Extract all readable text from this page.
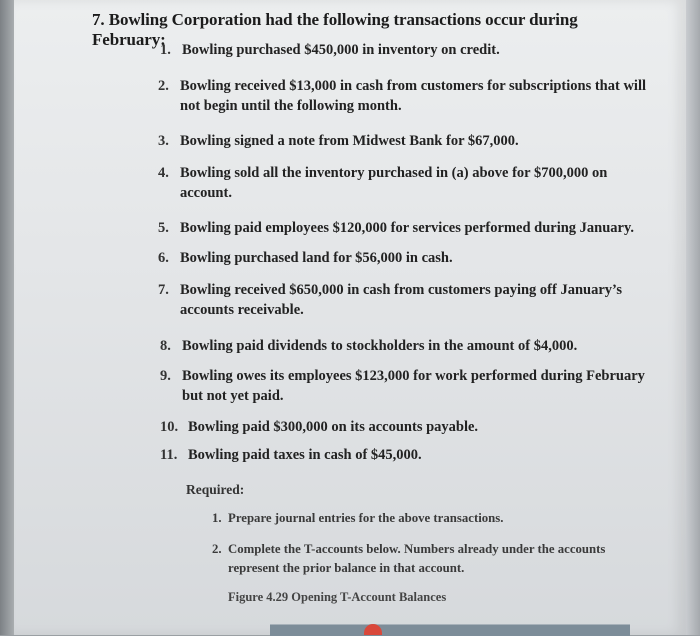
7. Bowling Corporation had the following transactions occur during February:
1. Bowling purchased $450,000 in inventory on credit.
2. Bowling received $13,000 in cash from customers for subscriptions that will
not begin until the following month.
3. Bowling signed a note from Midwest Bank for $67,000.
4. Bowling sold all the inventory purchased in (a) above for $700,000 on
account.
5. Bowling paid employees $120,000 for services performed during January.
6. Bowling purchased land for $56,000 in cash.
7. Bowling received $650,000 in cash from customers paying off January’s
accounts receivable.
8. Bowling paid dividends to stockholders in the amount of $4,000.
9. Bowling owes its employees $123,000 for work performed during February
but not yet paid.
10. Bowling paid $300,000 on its accounts payable.
11. Bowling paid taxes in cash of $45,000.
Required:
1. Prepare journal entries for the above transactions.
2. Complete the T-accounts below. Numbers already under the accounts
represent the prior balance in that account.
Figure 4.29 Opening T-Account Balances
